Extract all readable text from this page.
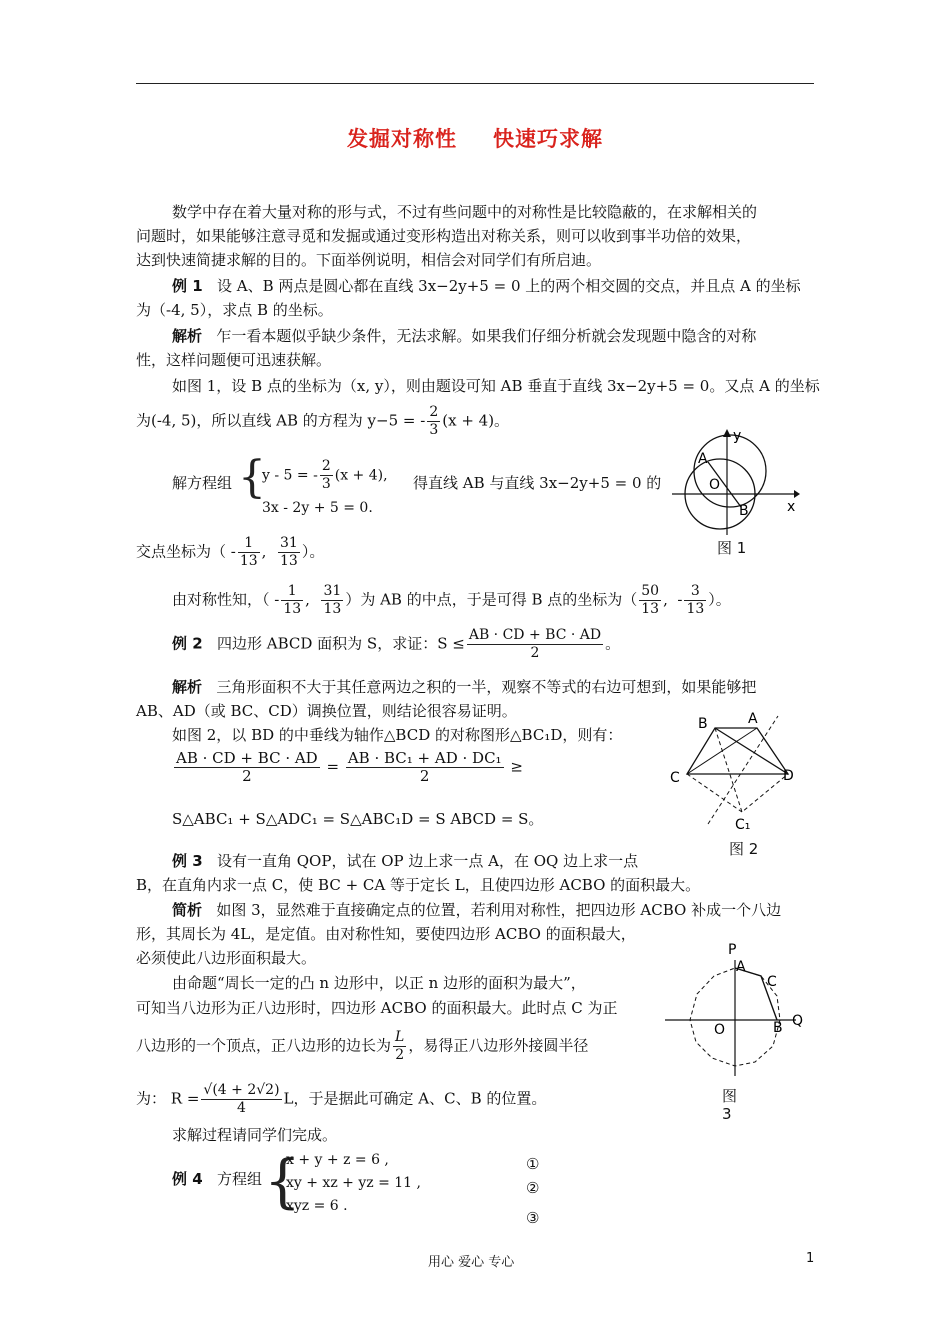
发掘对称性 快速巧求解
数学中存在着大量对称的形与式，不过有些问题中的对称性是比较隐蔽的，在求解相关的
问题时，如果能够注意寻觅和发掘或通过变形构造出对称关系，则可以收到事半功倍的效果，
达到快速简捷求解的目的。下面举例说明，相信会对同学们有所启迪。
例 1 设 A、B 两点是圆心都在直线 3x−2y+5 = 0 上的两个相交圆的交点，并且点 A 的坐标
为（-4, 5），求点 B 的坐标。
解析 乍一看本题似乎缺少条件，无法求解。如果我们仔细分析就会发现题中隐含的对称
性，这样问题便可迅速获解。
如图 1，设 B 点的坐标为（x, y），则由题设可知 AB 垂直于直线 3x−2y+5 = 0。又点 A 的坐标
为(-4, 5)，所以直线 AB 的方程为 y−5 = - $\frac{2}{3} (x + 4)$。
解方程组 {
y - 5 = - $\frac{2}{3} (x + 4)$,
3x - 2y + 5 = 0.
得直线 AB 与直线 3x−2y+5 = 0 的
交点坐标为（ - $\frac{1}{13}$ , $\frac{31}{13}$ ）。
由对称性知，（ - $\frac{1}{13}$ , $\frac{31}{13}$ ）为 AB 的中点，于是可得 B 点的坐标为（ $\frac{50}{13}$ ,  - $\frac{3}{13}$ ）。
y
x
A
O
B
图 1
例 2 四边形 ABCD 面积为 S，求证：$S \le \frac{AB \cdot CD + BC \cdot AD}{2}$ 。
解析 三角形面积不大于其任意两边之积的一半，观察不等式的右边可想到，如果能够把
AB、AD（或 BC、CD）调换位置，则结论很容易证明。
如图 2，以 BD 的中垂线为轴作△BCD 的对称图形△BC₁D，则有：
$\frac{AB \cdot CD + BC \cdot AD}{2} = \frac{\text{AB · BC₁ + AD · DC₁}}{2}$ ≥
S△ABC₁ + S△ADC₁ = S△ABC₁D = S ABCD = S。
B	A
C	D
C₁
图 2
例 3 设有一直角 QOP，试在 OP 边上求一点 A，在 OQ 边上求一点
B，在直角内求一点 C，使 BC + CA 等于定长 L，且使四边形 ACBO 的面积最大。
简析 如图 3，显然难于直接确定点的位置，若利用对称性，把四边形 ACBO 补成一个八边
形，其周长为 4L，是定值。由对称性知，要使四边形 ACBO 的面积最大，
必须使此八边形面积最大。
由命题“周长一定的凸 n 边形中，以正 n 边形的面积为最大”，
可知当八边形为正八边形时，四边形 ACBO 的面积最大。此时点 C 为正
八边形的一个顶点，正八边形的边长为 $\frac{L}{2}$ ，易得正八边形外接圆半径
为： $R = \frac{√(4 + 2√2)}{4}$ L，于是据此可确定 A、C、B 的位置。
求解过程请同学们完成。
P
A
C
O	B Q
图
3
例 4 方程组 {
x + y + z = 6 ,
xy + xz + yz = 11 ,
xyz = 6 .
①
②
③
用心 爱心 专心	1
